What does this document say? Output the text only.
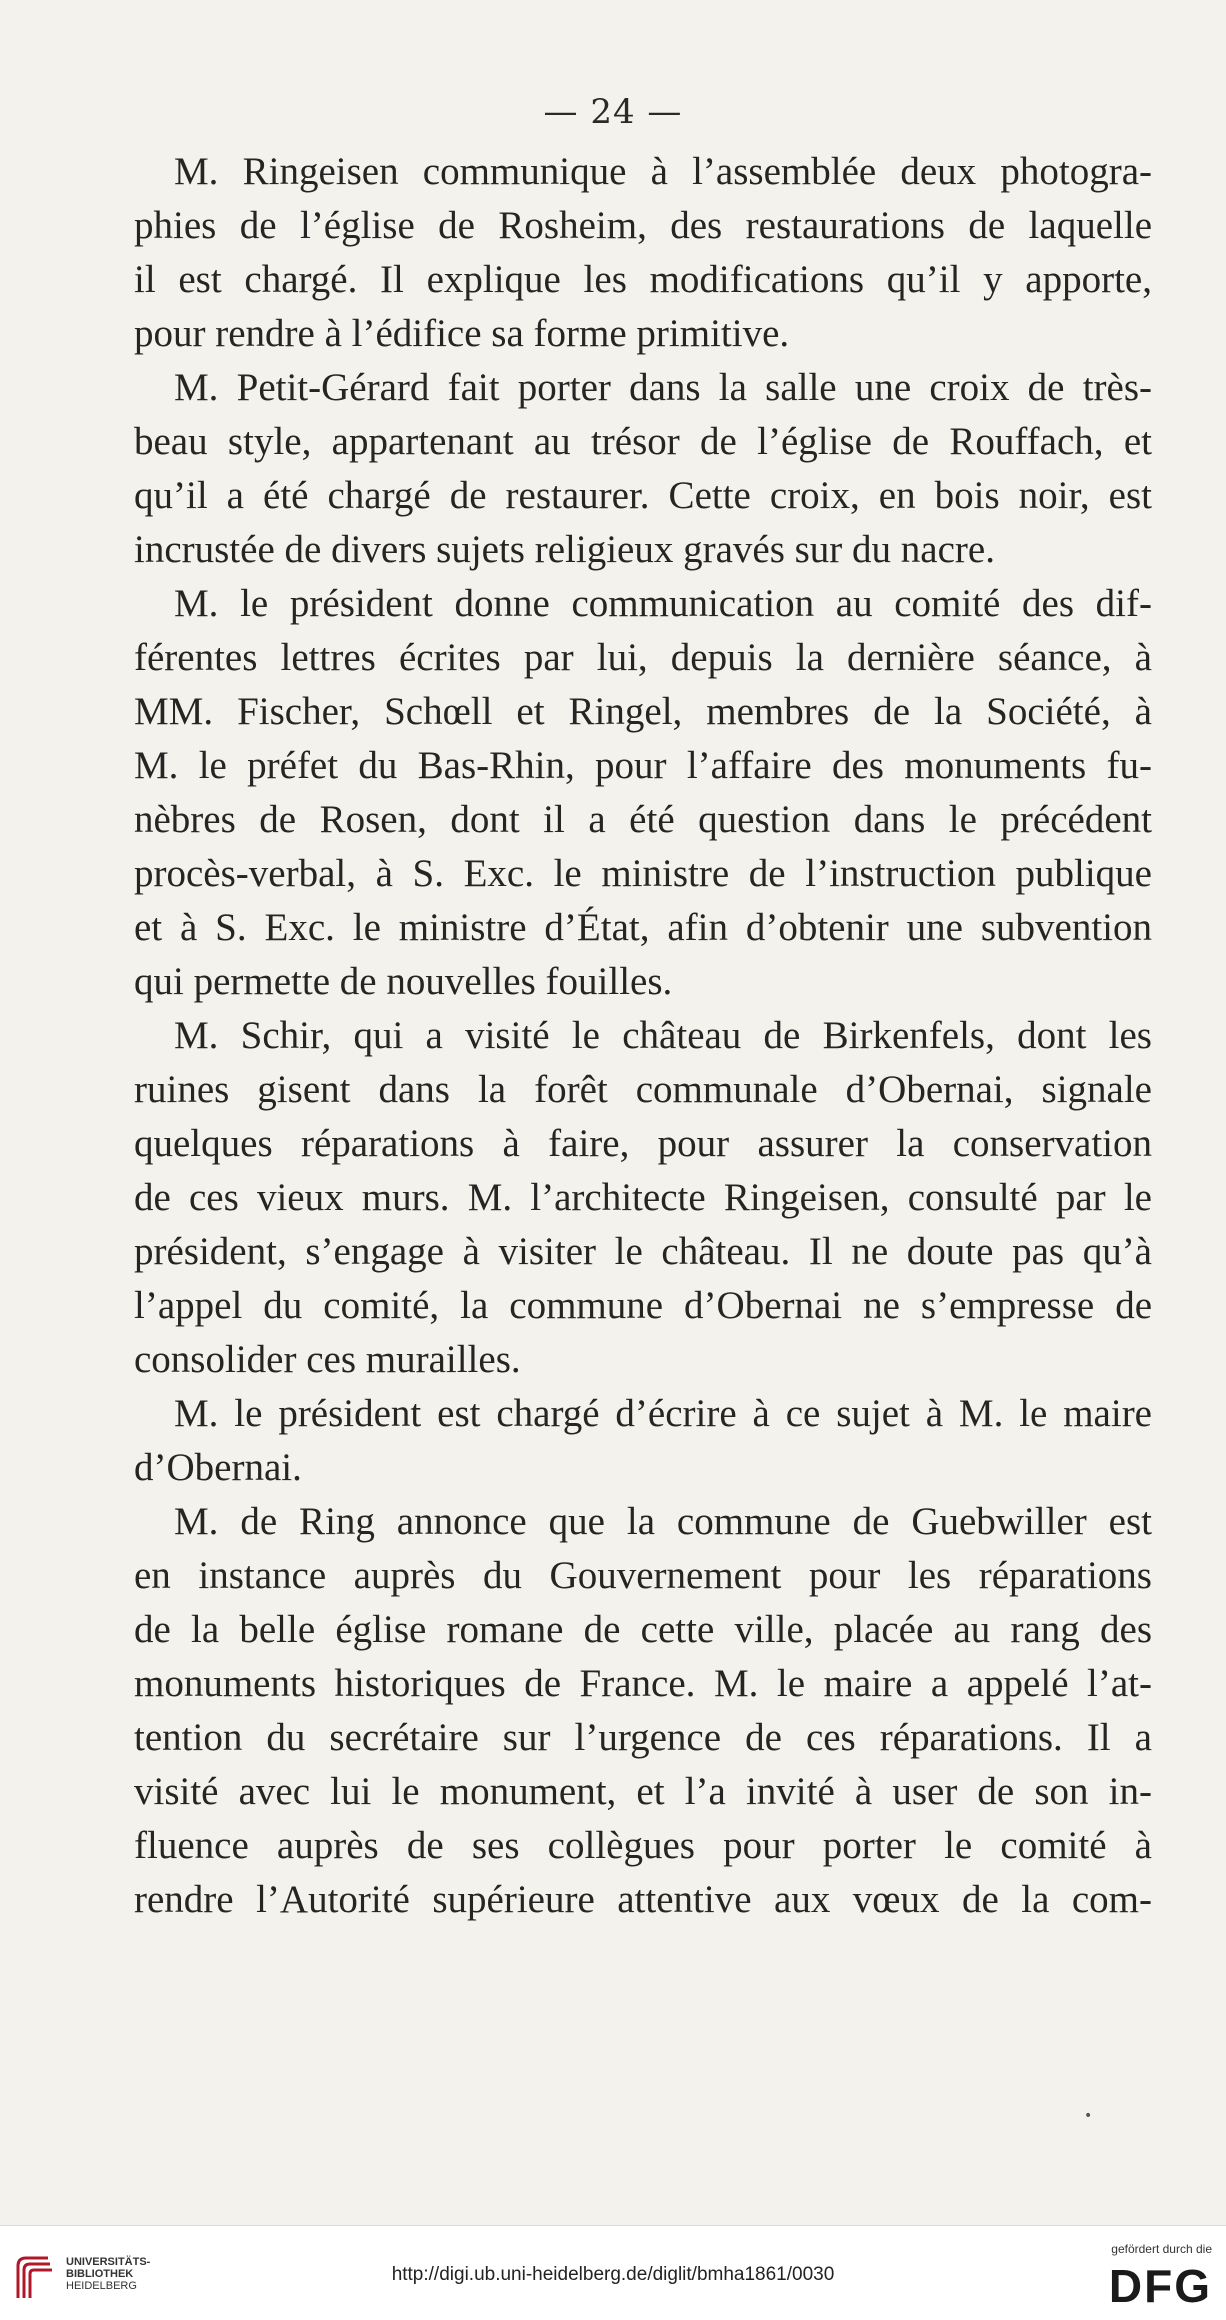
— 24 —
M. Ringeisen communique à l’assemblée deux photogra-
phies de l’église de Rosheim, des restaurations de laquelle
il est chargé. Il explique les modifications qu’il y apporte,
pour rendre à l’édifice sa forme primitive.
M. Petit-Gérard fait porter dans la salle une croix de très-
beau style, appartenant au trésor de l’église de Rouffach, et
qu’il a été chargé de restaurer. Cette croix, en bois noir, est
incrustée de divers sujets religieux gravés sur du nacre.
M. le président donne communication au comité des dif-
férentes lettres écrites par lui, depuis la dernière séance, à
MM. Fischer, Schœll et Ringel, membres de la Société, à
M. le préfet du Bas-Rhin, pour l’affaire des monuments fu-
nèbres de Rosen, dont il a été question dans le précédent
procès-verbal, à S. Exc. le ministre de l’instruction publique
et à S. Exc. le ministre d’État, afin d’obtenir une subvention
qui permette de nouvelles fouilles.
M. Schir, qui a visité le château de Birkenfels, dont les
ruines gisent dans la forêt communale d’Obernai, signale
quelques réparations à faire, pour assurer la conservation
de ces vieux murs. M. l’architecte Ringeisen, consulté par le
président, s’engage à visiter le château. Il ne doute pas qu’à
l’appel du comité, la commune d’Obernai ne s’empresse de
consolider ces murailles.
M. le président est chargé d’écrire à ce sujet à M. le maire
d’Obernai.
M. de Ring annonce que la commune de Guebwiller est
en instance auprès du Gouvernement pour les réparations
de la belle église romane de cette ville, placée au rang des
monuments historiques de France. M. le maire a appelé l’at-
tention du secrétaire sur l’urgence de ces réparations. Il a
visité avec lui le monument, et l’a invité à user de son in-
fluence auprès de ses collègues pour porter le comité à
rendre l’Autorité supérieure attentive aux vœux de la com-
•
UNIVERSITÄTS-
BIBLIOTHEK
HEIDELBERG
http://digi.ub.uni-heidelberg.de/diglit/bmha1861/0030
gefördert durch die
DFG
